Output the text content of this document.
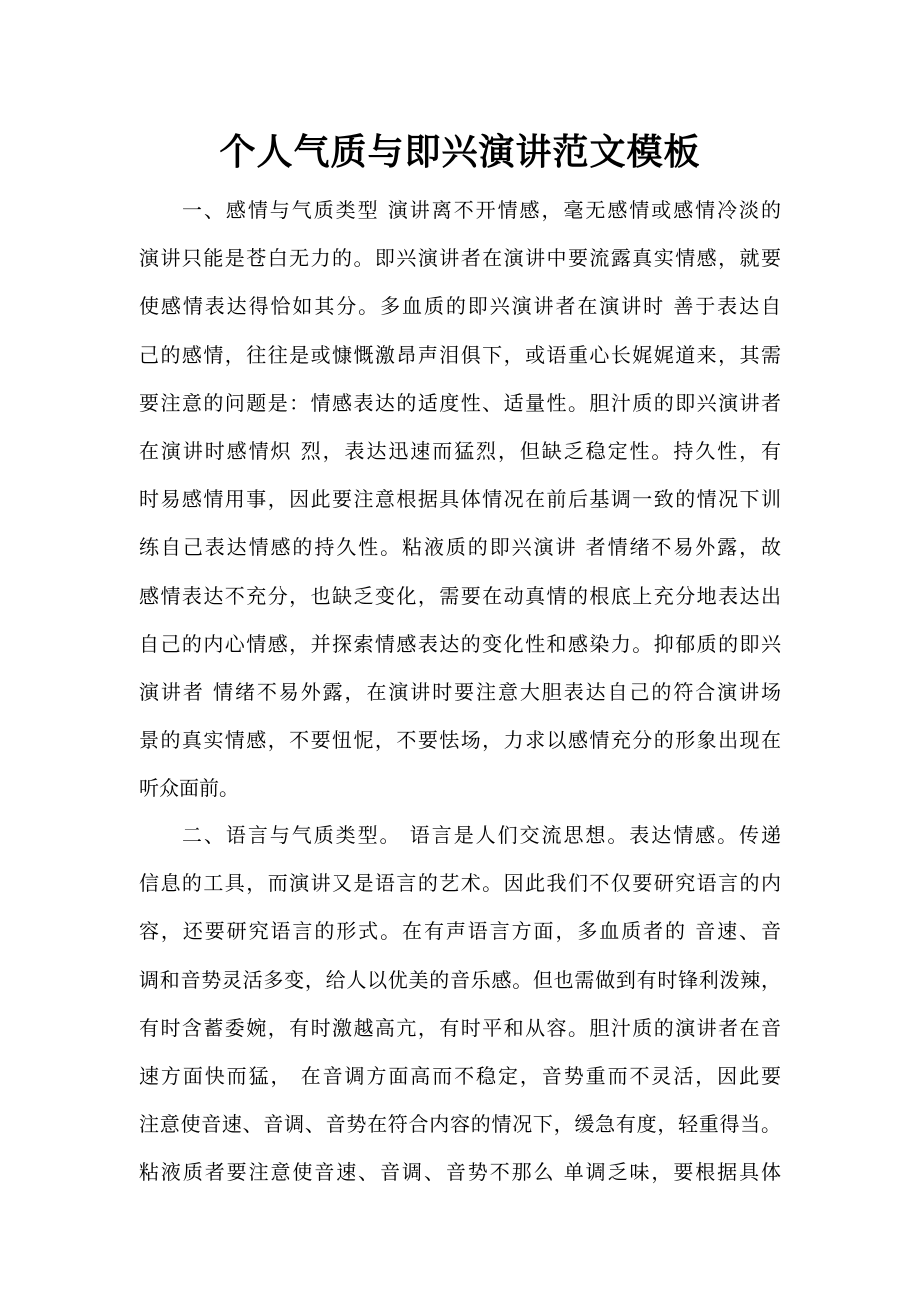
个人气质与即兴演讲范文模板
一、感情与气质类型 演讲离不开情感，毫无感情或感情冷淡的
演讲只能是苍白无力的。即兴演讲者在演讲中要流露真实情感，就要
使感情表达得恰如其分。多血质的即兴演讲者在演讲时 善于表达自
己的感情，往往是或慷慨激昂声泪俱下，或语重心长娓娓道来，其需
要注意的问题是：情感表达的适度性、适量性。胆汁质的即兴演讲者
在演讲时感情炽 烈，表达迅速而猛烈，但缺乏稳定性。持久性，有
时易感情用事，因此要注意根据具体情况在前后基调一致的情况下训
练自己表达情感的持久性。粘液质的即兴演讲 者情绪不易外露，故
感情表达不充分，也缺乏变化，需要在动真情的根底上充分地表达出
自己的内心情感，并探索情感表达的变化性和感染力。抑郁质的即兴
演讲者 情绪不易外露，在演讲时要注意大胆表达自己的符合演讲场
景的真实情感，不要忸怩，不要怯场，力求以感情充分的形象出现在
听众面前。
二、语言与气质类型。 语言是人们交流思想。表达情感。传递
信息的工具，而演讲又是语言的艺术。因此我们不仅要研究语言的内
容，还要研究语言的形式。在有声语言方面，多血质者的 音速、音
调和音势灵活多变，给人以优美的音乐感。但也需做到有时锋利泼辣，
有时含蓄委婉，有时激越高亢，有时平和从容。胆汁质的演讲者在音
速方面快而猛， 在音调方面高而不稳定，音势重而不灵活，因此要
注意使音速、音调、音势在符合内容的情况下，缓急有度，轻重得当。
粘液质者要注意使音速、音调、音势不那么 单调乏味，要根据具体
